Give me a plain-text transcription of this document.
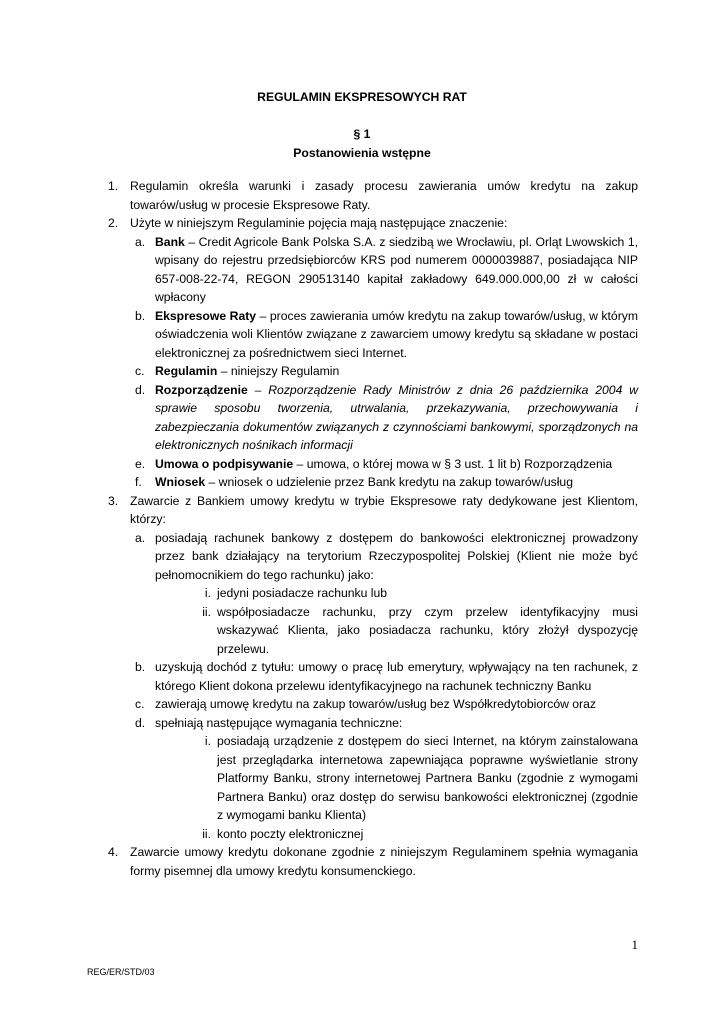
REGULAMIN EKSPRESOWYCH RAT
§ 1
Postanowienia wstępne
1. Regulamin określa warunki i zasady procesu zawierania umów kredytu na zakup towarów/usług w procesie Ekspresowe Raty.
2. Użyte w niniejszym Regulaminie pojęcia mają następujące znaczenie:
a. Bank – Credit Agricole Bank Polska S.A. z siedzibą we Wrocławiu, pl. Orląt Lwowskich 1, wpisany do rejestru przedsiębiorców KRS pod numerem 0000039887, posiadająca NIP 657-008-22-74, REGON 290513140 kapitał zakładowy 649.000.000,00 zł w całości wpłacony
b. Ekspresowe Raty – proces zawierania umów kredytu na zakup towarów/usług, w którym oświadczenia woli Klientów związane z zawarciem umowy kredytu są składane w postaci elektronicznej za pośrednictwem sieci Internet.
c. Regulamin – niniejszy Regulamin
d. Rozporządzenie – Rozporządzenie Rady Ministrów z dnia 26 października 2004 w sprawie sposobu tworzenia, utrwalania, przekazywania, przechowywania i zabezpieczania dokumentów związanych z czynnościami bankowymi, sporządzonych na elektronicznych nośnikach informacji
e. Umowa o podpisywanie – umowa, o której mowa w § 3 ust. 1 lit b) Rozporządzenia
f. Wniosek – wniosek o udzielenie przez Bank kredytu na zakup towarów/usług
3. Zawarcie z Bankiem umowy kredytu w trybie Ekspresowe raty dedykowane jest Klientom, którzy:
a. posiadają rachunek bankowy z dostępem do bankowości elektronicznej prowadzony przez bank działający na terytorium Rzeczypospolitej Polskiej (Klient nie może być pełnomocnikiem do tego rachunku) jako:
i. jedyni posiadacze rachunku lub
ii. współposiadacze rachunku, przy czym przelew identyfikacyjny musi wskazywać Klienta, jako posiadacza rachunku, który złożył dyspozycję przelewu.
b. uzyskują dochód z tytułu: umowy o pracę lub emerytury, wpływający na ten rachunek, z którego Klient dokona przelewu identyfikacyjnego na rachunek techniczny Banku
c. zawierają umowę kredytu na zakup towarów/usług bez Współkredytobiorców oraz
d. spełniają następujące wymagania techniczne:
i. posiadają urządzenie z dostępem do sieci Internet, na którym zainstalowana jest przeglądarka internetowa zapewniająca poprawne wyświetlanie strony Platformy Banku, strony internetowej Partnera Banku (zgodnie z wymogami Partnera Banku) oraz dostęp do serwisu bankowości elektronicznej (zgodnie z wymogami banku Klienta)
ii. konto poczty elektronicznej
4. Zawarcie umowy kredytu dokonane zgodnie z niniejszym Regulaminem spełnia wymagania formy pisemnej dla umowy kredytu konsumenckiego.
1
REG/ER/STD/03
